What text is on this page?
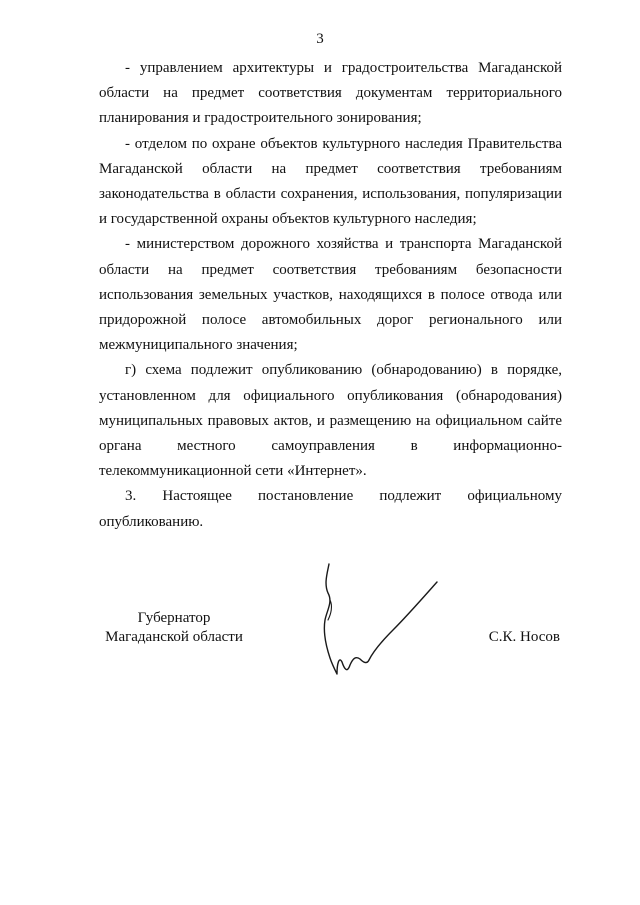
3

- управлением архитектуры и градостроительства Магаданской области на предмет соответствия документам территориального планирования и градостроительного зонирования;

- отделом по охране объектов культурного наследия Правительства Магаданской области на предмет соответствия требованиям законодательства в области сохранения, использования, популяризации и государственной охраны объектов культурного наследия;

- министерством дорожного хозяйства и транспорта Магаданской области на предмет соответствия требованиям безопасности использования земельных участков, находящихся в полосе отвода или придорожной полосе автомобильных дорог регионального или межмуниципального значения;

г) схема подлежит опубликованию (обнародованию) в порядке, установленном для официального опубликования (обнародования) муниципальных правовых актов, и размещению на официальном сайте органа местного самоуправления в информационно-телекоммуникационной сети «Интернет».

3. Настоящее постановление подлежит официальному опубликованию.

Губернатор
Магаданской области	С.К. Носов
